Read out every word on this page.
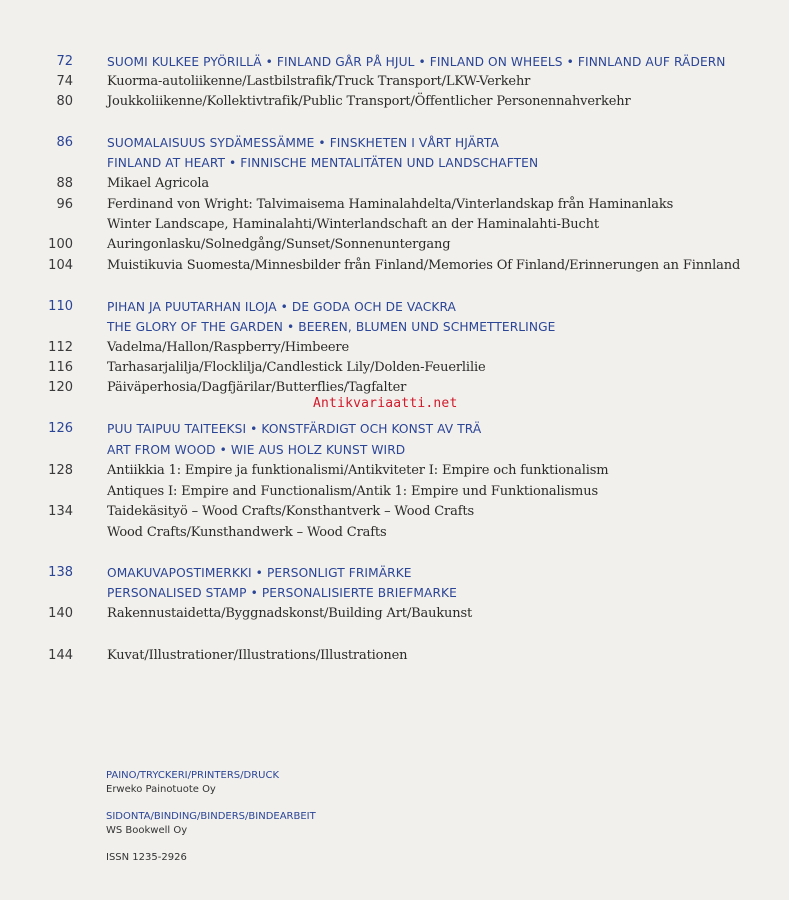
72	SUOMI KULKEE PYÖRILLÄ • FINLAND GÅR PÅ HJUL • FINLAND ON WHEELS • FINNLAND AUF RÄDERN
74	Kuorma-autoliikenne/Lastbilstrafik/Truck Transport/LKW-Verkehr
80	Joukkoliikenne/Kollektivtrafik/Public Transport/Öffentlicher Personennahverkehr
86	SUOMALAISUUS SYDÄMESSÄMME • FINSKHETEN I VÅRT HJÄRTA
FINLAND AT HEART • FINNISCHE MENTALITÄTEN UND LANDSCHAFTEN
88	Mikael Agricola
96	Ferdinand von Wright: Talvimaisema Haminalahdelta/Vinterlandskap från Haminanlaks
Winter Landscape, Haminalahti/Winterlandschaft an der Haminalahti-Bucht
100	Auringonlasku/Solnedgång/Sunset/Sonnenuntergang
104	Muistikuvia Suomesta/Minnesbilder från Finland/Memories Of Finland/Erinnerungen an Finnland
110	PIHAN JA PUUTARHAN ILOJA • DE GODA OCH DE VACKRA
THE GLORY OF THE GARDEN • BEEREN, BLUMEN UND SCHMETTERLINGE
112	Vadelma/Hallon/Raspberry/Himbeere
116	Tarhasarjalilja/Flocklilja/Candlestick Lily/Dolden-Feuerlilie
120	Päiväperhosia/Dagfjärilar/Butterflies/Tagfalter
126	PUU TAIPUU TAITEEKSI • KONSTFÄRDIGT OCH KONST AV TRÄ
ART FROM WOOD • WIE AUS HOLZ KUNST WIRD
128	Antiikkia 1: Empire ja funktionalismi/Antikviteter I: Empire och funktionalism
Antiques I: Empire and Functionalism/Antik 1: Empire und Funktionalismus
134	Taidekäsityö – Wood Crafts/Konsthantverk – Wood Crafts
Wood Crafts/Kunsthandwerk – Wood Crafts
138	OMAKUVAPOSTIMERKKI • PERSONLIGT FRIMÄRKE
PERSONALISED STAMP • PERSONALISIERTE BRIEFMARKE
140	Rakennustaidetta/Byggnadskonst/Building Art/Baukunst
144	Kuvat/Illustrationer/Illustrations/Illustrationen
Antikvariaatti.net
PAINO/TRYCKERI/PRINTERS/DRUCK
Erweko Painotuote Oy
SIDONTA/BINDING/BINDERS/BINDEARBEIT
WS Bookwell Oy
ISSN 1235-2926
